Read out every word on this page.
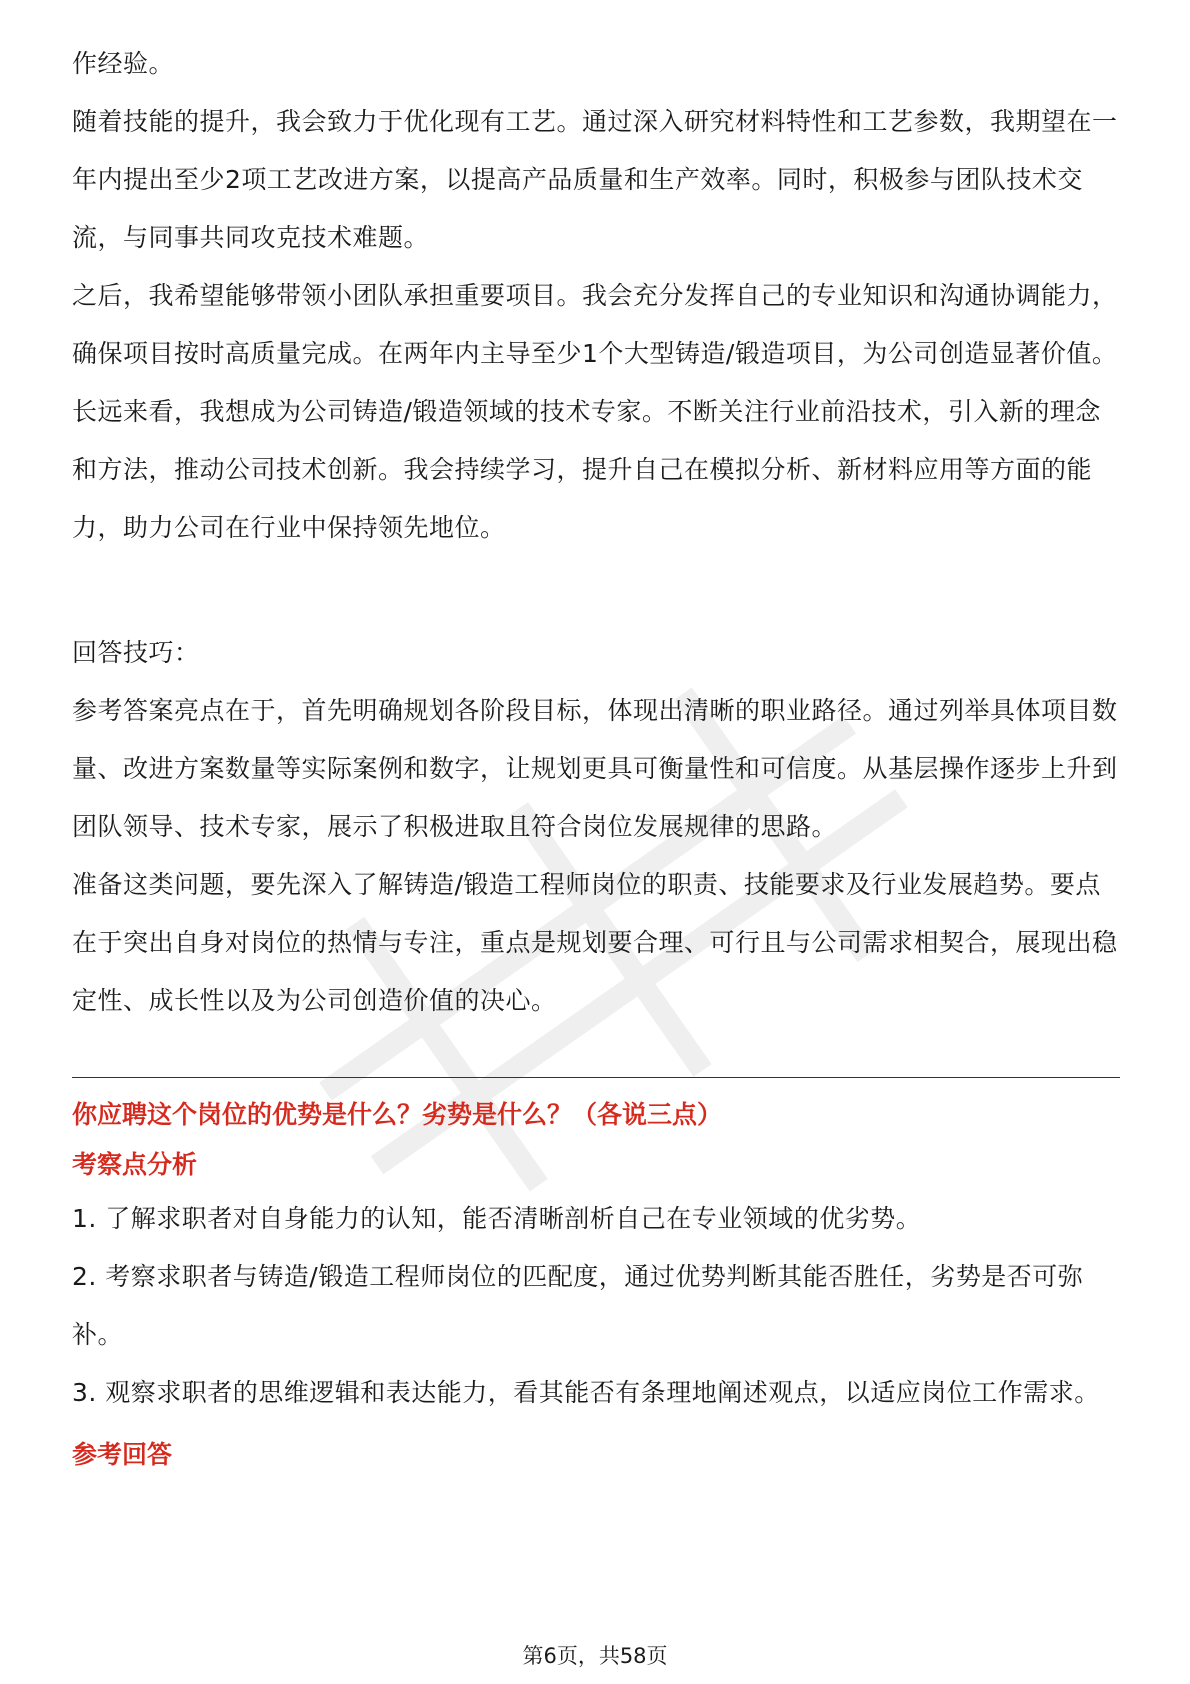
作经验。

随着技能的提升，我会致力于优化现有工艺。通过深入研究材料特性和工艺参数，我期望在一年内提出至少2项工艺改进方案，以提高产品质量和生产效率。同时，积极参与团队技术交流，与同事共同攻克技术难题。

之后，我希望能够带领小团队承担重要项目。我会充分发挥自己的专业知识和沟通协调能力，确保项目按时高质量完成。在两年内主导至少1个大型铸造/锻造项目，为公司创造显著价值。

长远来看，我想成为公司铸造/锻造领域的技术专家。不断关注行业前沿技术，引入新的理念和方法，推动公司技术创新。我会持续学习，提升自己在模拟分析、新材料应用等方面的能力，助力公司在行业中保持领先地位。

回答技巧：

参考答案亮点在于，首先明确规划各阶段目标，体现出清晰的职业路径。通过列举具体项目数量、改进方案数量等实际案例和数字，让规划更具可衡量性和可信度。从基层操作逐步上升到团队领导、技术专家，展示了积极进取且符合岗位发展规律的思路。

准备这类问题，要先深入了解铸造/锻造工程师岗位的职责、技能要求及行业发展趋势。要点在于突出自身对岗位的热情与专注，重点是规划要合理、可行且与公司需求相契合，展现出稳定性、成长性以及为公司创造价值的决心。

你应聘这个岗位的优势是什么？劣势是什么？（各说三点）

考察点分析

1. 了解求职者对自身能力的认知，能否清晰剖析自己在专业领域的优劣势。

2. 考察求职者与铸造/锻造工程师岗位的匹配度，通过优势判断其能否胜任，劣势是否可弥补。

3. 观察求职者的思维逻辑和表达能力，看其能否有条理地阐述观点，以适应岗位工作需求。

参考回答

第6页，共58页
